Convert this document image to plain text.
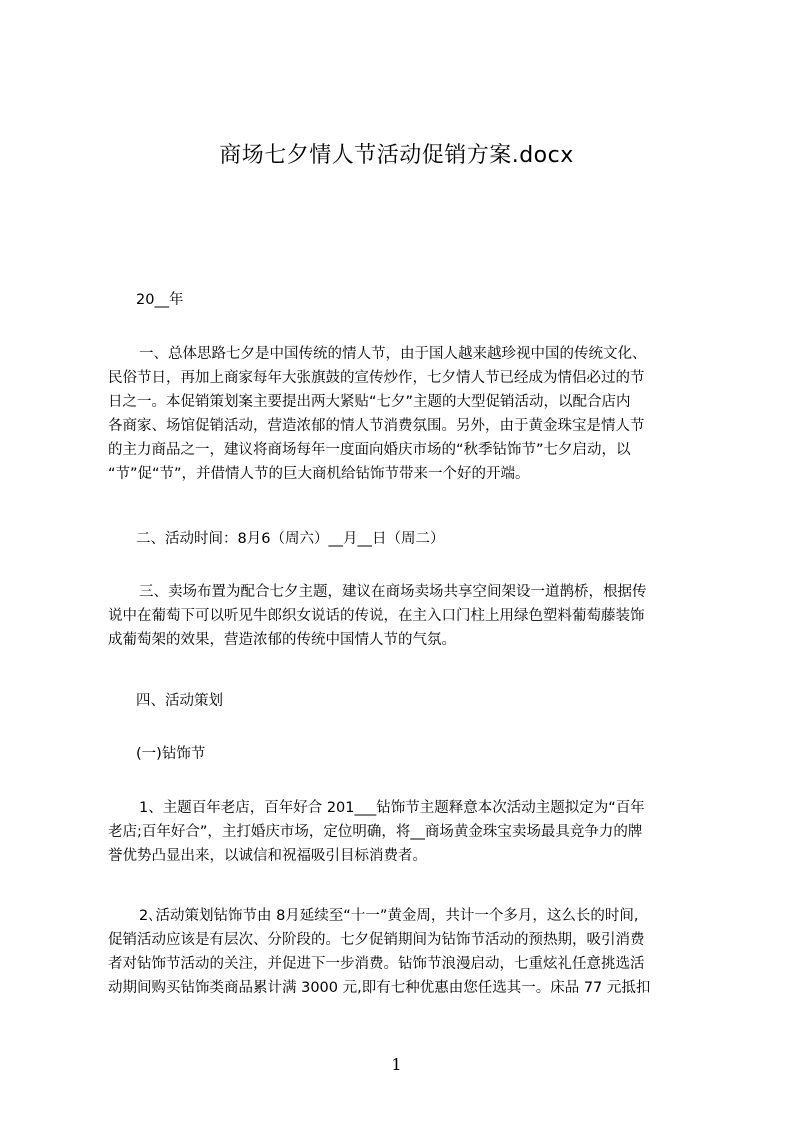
商场七夕情人节活动促销方案.docx
20__年
一、总体思路七夕是中国传统的情人节，由于国人越来越珍视中国的传统文化、
民俗节日，再加上商家每年大张旗鼓的宣传炒作，七夕情人节已经成为情侣必过的节
日之一。本促销策划案主要提出两大紧贴“七夕”主题的大型促销活动，以配合店内
各商家、场馆促销活动，营造浓郁的情人节消费氛围。另外，由于黄金珠宝是情人节
的主力商品之一，建议将商场每年一度面向婚庆市场的“秋季钻饰节”七夕启动，以
“节”促“节”，并借情人节的巨大商机给钻饰节带来一个好的开端。
二、活动时间：8月6（周六）__月__日（周二）
三、卖场布置为配合七夕主题，建议在商场卖场共享空间架设一道鹊桥，根据传
说中在葡萄下可以听见牛郎织女说话的传说，在主入口门柱上用绿色塑料葡萄藤装饰
成葡萄架的效果，营造浓郁的传统中国情人节的气氛。
四、活动策划
(一)钻饰节
1、主题百年老店，百年好合 201___钻饰节主题释意本次活动主题拟定为“百年
老店;百年好合”，主打婚庆市场，定位明确，将__商场黄金珠宝卖场最具竞争力的牌
誉优势凸显出来，以诚信和祝福吸引目标消费者。
2､活动策划钻饰节由 8月延续至“十一”黄金周，共计一个多月，这么长的时间,
促销活动应该是有层次、分阶段的。七夕促销期间为钻饰节活动的预热期，吸引消费
者对钻饰节活动的关注，并促进下一步消费。钻饰节浪漫启动，七重炫礼任意挑选活
动期间购买钻饰类商品累计满 3000 元,即有七种优惠由您任选其一。床品 77 元抵扣
1
